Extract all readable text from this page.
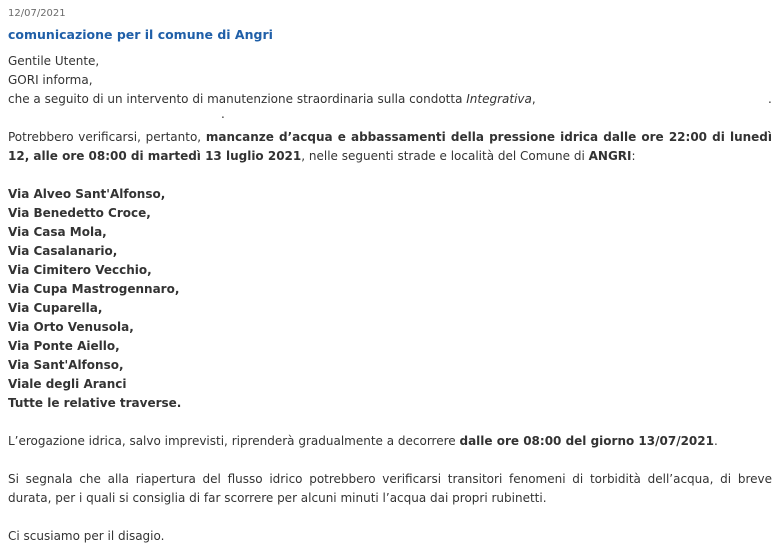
12/07/2021
comunicazione per il comune di Angri

Gentile Utente,

GORI informa,

che a seguito di un intervento di manutenzione straordinaria sulla condotta Integrativa,	.

.

Potrebbero verificarsi, pertanto, mancanze d’acqua e abbassamenti della pressione idrica dalle ore 22:00 di lunedì 12, alle ore 08:00 di martedì 13 luglio 2021, nelle seguenti strade e località del Comune di ANGRI:

Via Alveo Sant'Alfonso,
Via Benedetto Croce,
Via Casa Mola,
Via Casalanario,
Via Cimitero Vecchio,
Via Cupa Mastrogennaro,
Via Cuparella,
Via Orto Venusola,
Via Ponte Aiello,
Via Sant'Alfonso,
Viale degli Aranci
Tutte le relative traverse.

L’erogazione idrica, salvo imprevisti, riprenderà gradualmente a decorrere dalle ore 08:00 del giorno 13/07/2021.

Si segnala che alla riapertura del flusso idrico potrebbero verificarsi transitori fenomeni di torbidità dell’acqua, di breve durata, per i quali si consiglia di far scorrere per alcuni minuti l’acqua dai propri rubinetti.

Ci scusiamo per il disagio.
